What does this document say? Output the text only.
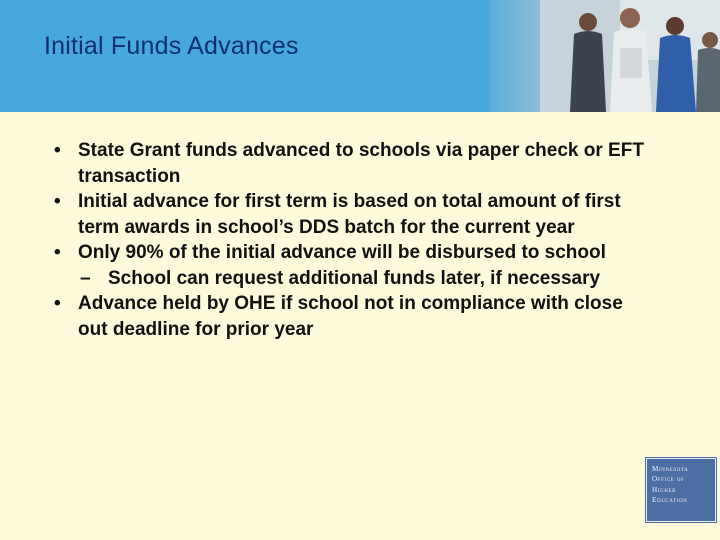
Initial Funds Advances
• State Grant funds advanced to schools via paper check or EFT transaction
• Initial advance for first term is based on total amount of first term awards in school’s DDS batch for the current year
• Only 90% of the initial advance will be disbursed to school
– School can request additional funds later, if necessary
• Advance held by OHE if school not in compliance with close out deadline for prior year
Minnesota
Office of
Higher
Education
